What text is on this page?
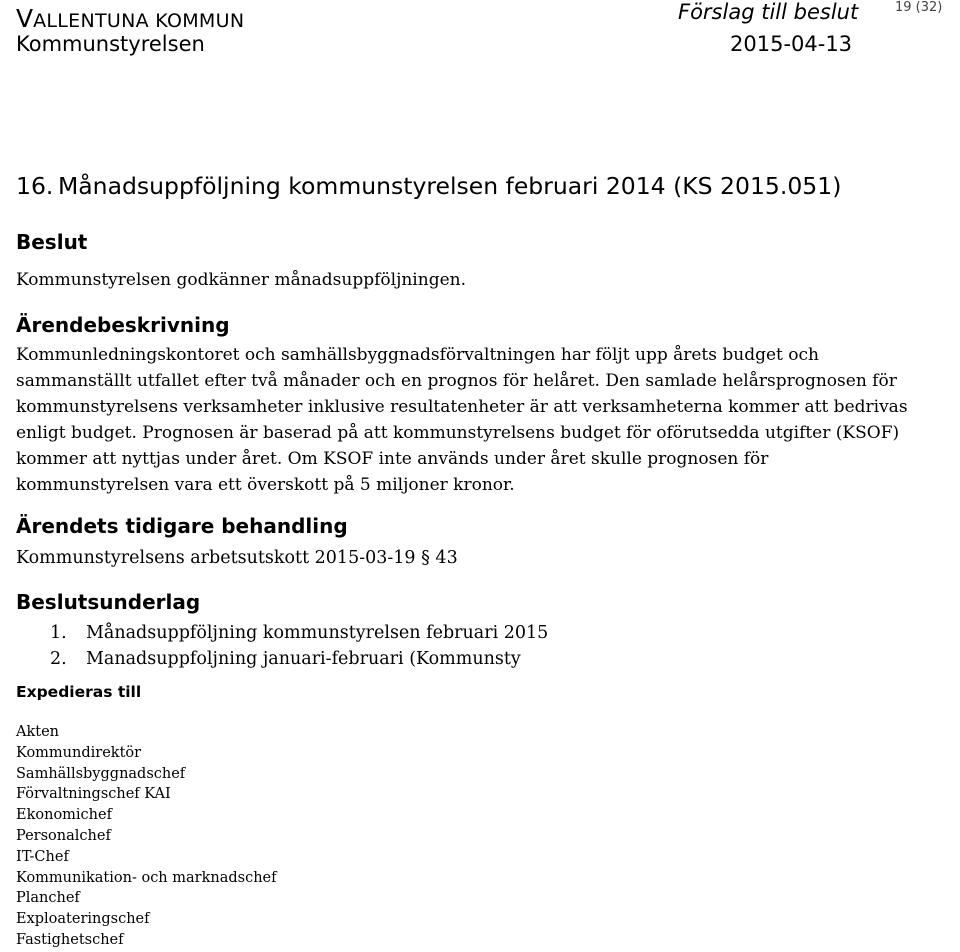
VALLENTUNA KOMMUN
Kommunstyrelsen
Förslag till beslut	19 (32)
2015-04-13
16. Månadsuppföljning kommunstyrelsen februari 2014 (KS 2015.051)
Beslut
Kommunstyrelsen godkänner månadsuppföljningen.
Ärendebeskrivning
Kommunledningskontoret och samhällsbyggnadsförvaltningen har följt upp årets budget och
sammanställt utfallet efter två månader och en prognos för helåret. Den samlade helårsprognosen för
kommunstyrelsens verksamheter inklusive resultatenheter är att verksamheterna kommer att bedrivas
enligt budget. Prognosen är baserad på att kommunstyrelsens budget för oförutsedda utgifter (KSOF)
kommer att nyttjas under året. Om KSOF inte används under året skulle prognosen för
kommunstyrelsen vara ett överskott på 5 miljoner kronor.
Ärendets tidigare behandling
Kommunstyrelsens arbetsutskott 2015-03-19 § 43
Beslutsunderlag
1. Månadsuppföljning kommunstyrelsen februari 2015
2. Manadsuppfoljning januari-februari (Kommunsty
Expedieras till
Akten
Kommundirektör
Samhällsbyggnadschef
Förvaltningschef KAI
Ekonomichef
Personalchef
IT-Chef
Kommunikation- och marknadschef
Planchef
Exploateringschef
Fastighetschef
